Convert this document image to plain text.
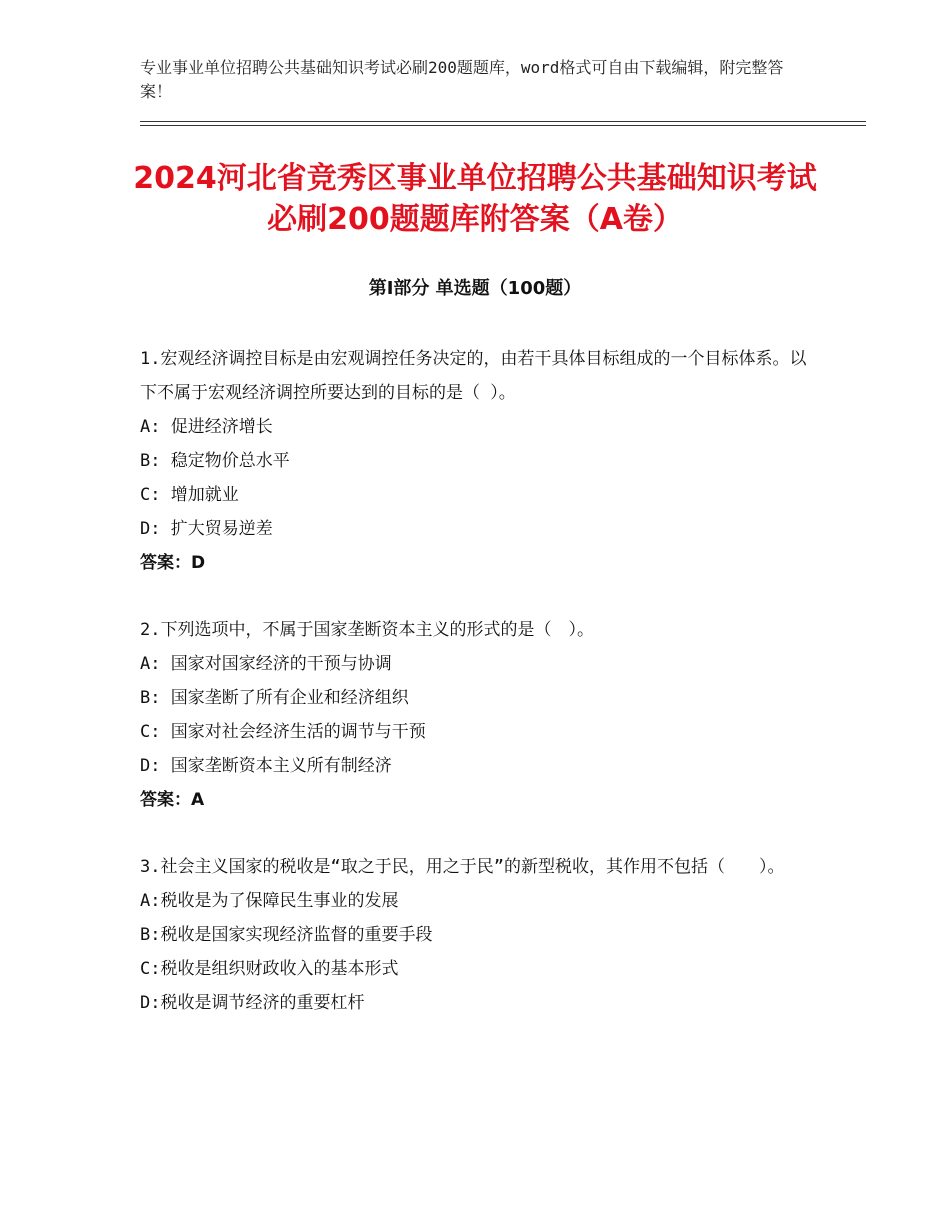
专业事业单位招聘公共基础知识考试必刷200题题库，word格式可自由下载编辑，附完整答案！
2024河北省竞秀区事业单位招聘公共基础知识考试必刷200题题库附答案（A卷）
第Ⅰ部分 单选题（100题）
1.宏观经济调控目标是由宏观调控任务决定的，由若干具体目标组成的一个目标体系。以下不属于宏观经济调控所要达到的目标的是（ ）。
A: 促进经济增长
B: 稳定物价总水平
C: 增加就业
D: 扩大贸易逆差
答案：D
2.下列选项中，不属于国家垄断资本主义的形式的是（　）。
A: 国家对国家经济的干预与协调
B: 国家垄断了所有企业和经济组织
C: 国家对社会经济生活的调节与干预
D: 国家垄断资本主义所有制经济
答案：A
3.社会主义国家的税收是“取之于民，用之于民”的新型税收，其作用不包括（　　）。
A:税收是为了保障民生事业的发展
B:税收是国家实现经济监督的重要手段
C:税收是组织财政收入的基本形式
D:税收是调节经济的重要杠杆
